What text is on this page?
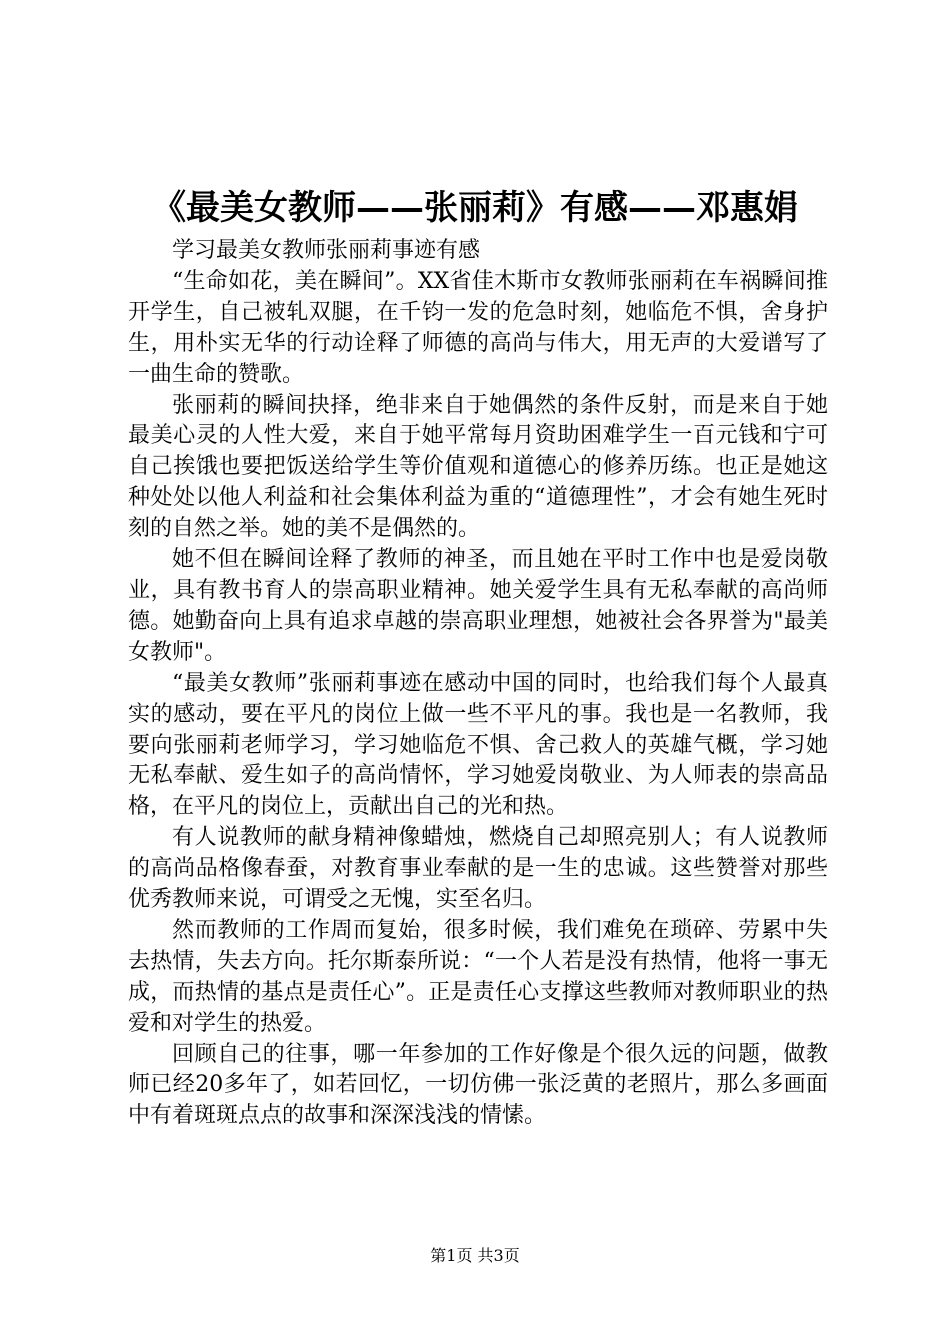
《最美女教师——张丽莉》有感——邓惠娟

学习最美女教师张丽莉事迹有感

“生命如花，美在瞬间”。XX省佳木斯市女教师张丽莉在车祸瞬间推开学生，自己被轧双腿，在千钧一发的危急时刻，她临危不惧，舍身护生，用朴实无华的行动诠释了师德的高尚与伟大，用无声的大爱谱写了一曲生命的赞歌。

张丽莉的瞬间抉择，绝非来自于她偶然的条件反射，而是来自于她最美心灵的人性大爱，来自于她平常每月资助困难学生一百元钱和宁可自己挨饿也要把饭送给学生等价值观和道德心的修养历练。也正是她这种处处以他人利益和社会集体利益为重的“道德理性”，才会有她生死时刻的自然之举。她的美不是偶然的。

她不但在瞬间诠释了教师的神圣，而且她在平时工作中也是爱岗敬业，具有教书育人的崇高职业精神。她关爱学生具有无私奉献的高尚师德。她勤奋向上具有追求卓越的崇高职业理想，她被社会各界誉为"最美女教师"。

“最美女教师”张丽莉事迹在感动中国的同时，也给我们每个人最真实的感动，要在平凡的岗位上做一些不平凡的事。我也是一名教师，我要向张丽莉老师学习，学习她临危不惧、舍己救人的英雄气概，学习她无私奉献、爱生如子的高尚情怀，学习她爱岗敬业、为人师表的崇高品格，在平凡的岗位上，贡献出自己的光和热。

有人说教师的献身精神像蜡烛，燃烧自己却照亮别人；有人说教师的高尚品格像春蚕，对教育事业奉献的是一生的忠诚。这些赞誉对那些优秀教师来说，可谓受之无愧，实至名归。

然而教师的工作周而复始，很多时候，我们难免在琐碎、劳累中失去热情，失去方向。托尔斯泰所说：“一个人若是没有热情，他将一事无成，而热情的基点是责任心”。正是责任心支撑这些教师对教师职业的热爱和对学生的热爱。

回顾自己的往事，哪一年参加的工作好像是个很久远的问题，做教师已经20多年了，如若回忆，一切仿佛一张泛黄的老照片，那么多画面中有着斑斑点点的故事和深深浅浅的情愫。

第1页 共3页
